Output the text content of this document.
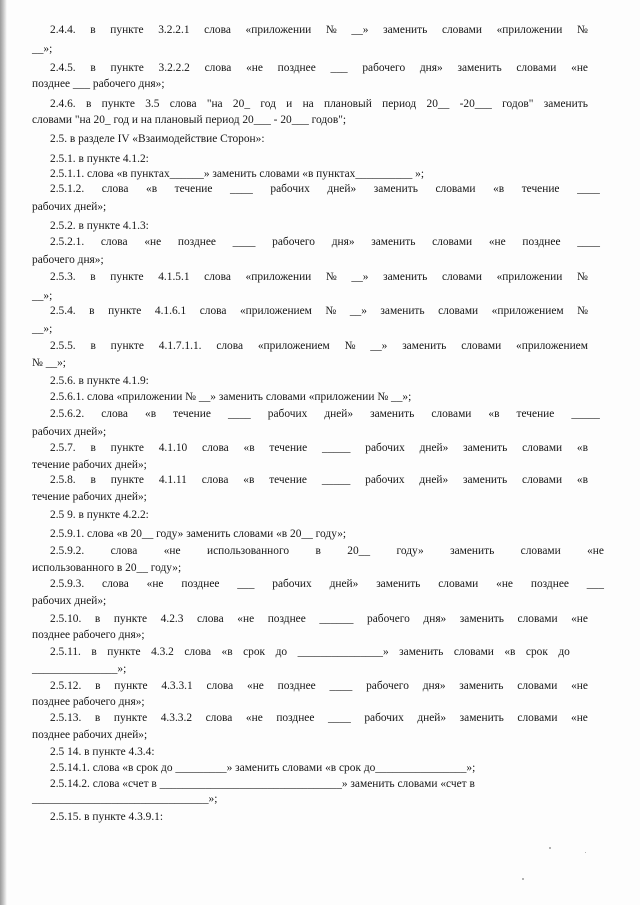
2.4.4. в пункте 3.2.2.1 слова «приложении № __» заменить словами «приложении №
__»;
2.4.5. в пункте 3.2.2.2 слова «не позднее ___ рабочего дня» заменить словами «не
позднее ___ рабочего дня»;
2.4.6. в пункте 3.5 слова "на 20_ год и на плановый период 20__ -20___ годов" заменить
словами "на 20_ год и на плановый период 20___ - 20___ годов";
2.5. в разделе IV «Взаимодействие Сторон»:
2.5.1. в пункте 4.1.2:
2.5.1.1. слова «в пунктах______» заменить словами «в пунктах__________ »;
2.5.1.2. слова «в течение ____ рабочих дней» заменить словами «в течение ____
рабочих дней»;
2.5.2. в пункте 4.1.3:
2.5.2.1. слова «не позднее ____ рабочего дня» заменить словами «не позднее ____
рабочего дня»;
2.5.3. в пункте 4.1.5.1 слова «приложении № __» заменить словами «приложении №
__»;
2.5.4. в пункте 4.1.6.1 слова «приложением № __» заменить словами «приложением №
__»;
2.5.5. в пункте 4.1.7.1.1. слова «приложением № __» заменить словами «приложением
№ __»;
2.5.6. в пункте 4.1.9:
2.5.6.1. слова «приложении № __» заменить словами «приложении № __»;
2.5.6.2. слова «в течение ____ рабочих дней» заменить словами «в течение _____
рабочих дней»;
2.5.7. в пункте 4.1.10 слова «в течение _____ рабочих дней» заменить словами «в
течение рабочих дней»;
2.5.8. в пункте 4.1.11 слова «в течение _____ рабочих дней» заменить словами «в
течение рабочих дней»;
2.5 9. в пункте 4.2.2:
2.5.9.1. слова «в 20__ году» заменить словами «в 20__ году»;
2.5.9.2. слова «не использованного в 20__ году» заменить словами «не
использованного в 20__ году»;
2.5.9.3. слова «не позднее ___ рабочих дней» заменить словами «не позднее ___
рабочих дней»;
2.5.10. в пункте 4.2.3 слова «не позднее ______ рабочего дня» заменить словами «не
позднее рабочего дня»;
2.5.11. в пункте 4.3.2 слова «в срок до _______________» заменить словами «в срок до
_______________»;
2.5.12. в пункте 4.3.3.1 слова «не позднее ____ рабочего дня» заменить словами «не
позднее рабочего дня»;
2.5.13. в пункте 4.3.3.2 слова «не позднее ____ рабочих дней» заменить словами «не
позднее рабочих дней»;
2.5 14. в пункте 4.3.4:
2.5.14.1. слова «в срок до _________» заменить словами «в срок до________________»;
2.5.14.2. слова «счет в ________________________________» заменить словами «счет в
_______________________________»;
2.5.15. в пункте 4.3.9.1:
